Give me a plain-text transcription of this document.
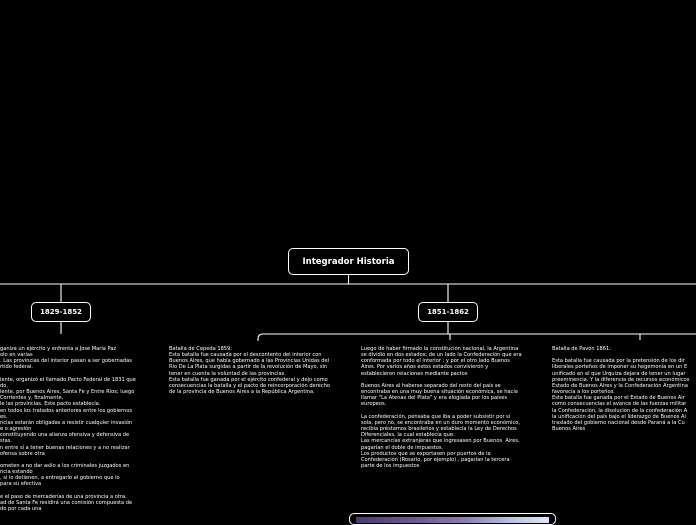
Integrador Historia
1829-1852	1851-1862
ganiza un ejército y enfrenta a José María Paz
olo en varias
. Las provincias del interior pasan a ser gobernadas
rtido federal.

iente, organizó el llamado Pacto Federal de 1831 que
do,
iente, por Buenos Aires, Santa Fe y Entre Ríos; luego
Corrientes y, finalmente,
le las provincias. Este pacto establecía.
en todos los tratados anteriores entre los gobiernos
es.
ncias estarán obligadas a resistir cualquier invasión
e o agresión
constituyendo una alianza ofensiva y defensiva de
stas.
n entre sí a tener buenas relaciones y a no realizar
ofensa sobre otra

ometen a no dar asilo a los criminales juzgados en
ncia estando
, si lo detienen, a entregarlo al gobierno que lo
para su efectiva

e el paso de mercaderías de una provincia a otra.
ad de Santa Fe residirá una comisión compuesta de
do por cada una
Batalla de Cepeda 1859:
Esta batalla fue causada por el descontento del interior con
Buenos Aires, que había gobernado a las Provincias Unidas del
Río De La Plata surgidas a partir de la revolución de Mayo, sin
tener en cuenta la voluntad de las provincias.
Esta batalla fue ganada por el ejército confederal y dejo como
consecuencias la batalla y el pacto de reincorporación derecho
de la provincia de Buenos Aires a la República Argentina.
Luego de haber firmado la constitución nacional, la Argentina
se dividió en dos estados; de un lado la Confederación que era
conformada por todo el interior ; y por el otro lado Buenos
Aires. Por varios años estos estados convivieron y
establecieron relaciones mediante pactos

Buenos Aires al haberse separado del resto del país se
encontraba en una muy buena situación económica, se hacía
llamar "La Atenas del Plata" y era elogiada por los países
europeos.

La confederación, pensaba que iba a poder subsistir por sí
sola, pero no, se encontraba en un duro momento económico,
recibía préstamos brasileños y establecía la Ley de Derechos
Diferenciales, la cual establecía que:
Las mercancías extranjeras que ingresasen por Buenos  Aires,
pagarían el doble de impuestos.
Los productos que se exportasen por puertos de la
Confederación (Rosario, por ejemplo) , pagarían la tercera
parte de los impuestos
Batalla de Pavón 1861:

Esta batalla fue causada por la pretensión de los dir
liberales porteños de imponer su hegemonía en un E
unificado en el que Urquiza dejara de tener un lugar
preeminencia. Y la diferencia de recursos económicos
Estado de Buenos Aires y la Confederación Argentina
favorecía a los porteños.
Esta batalla fue ganada por el Estado de Buenos Air
como consecuencias el avance de las fuerzas militar
la Confederación, la disolución de la confederación A
la unificación del país bajo el liderazgo de Buenos Ai
traslado del gobierno nacional desde Paraná a la Cu
Buenos Aires
